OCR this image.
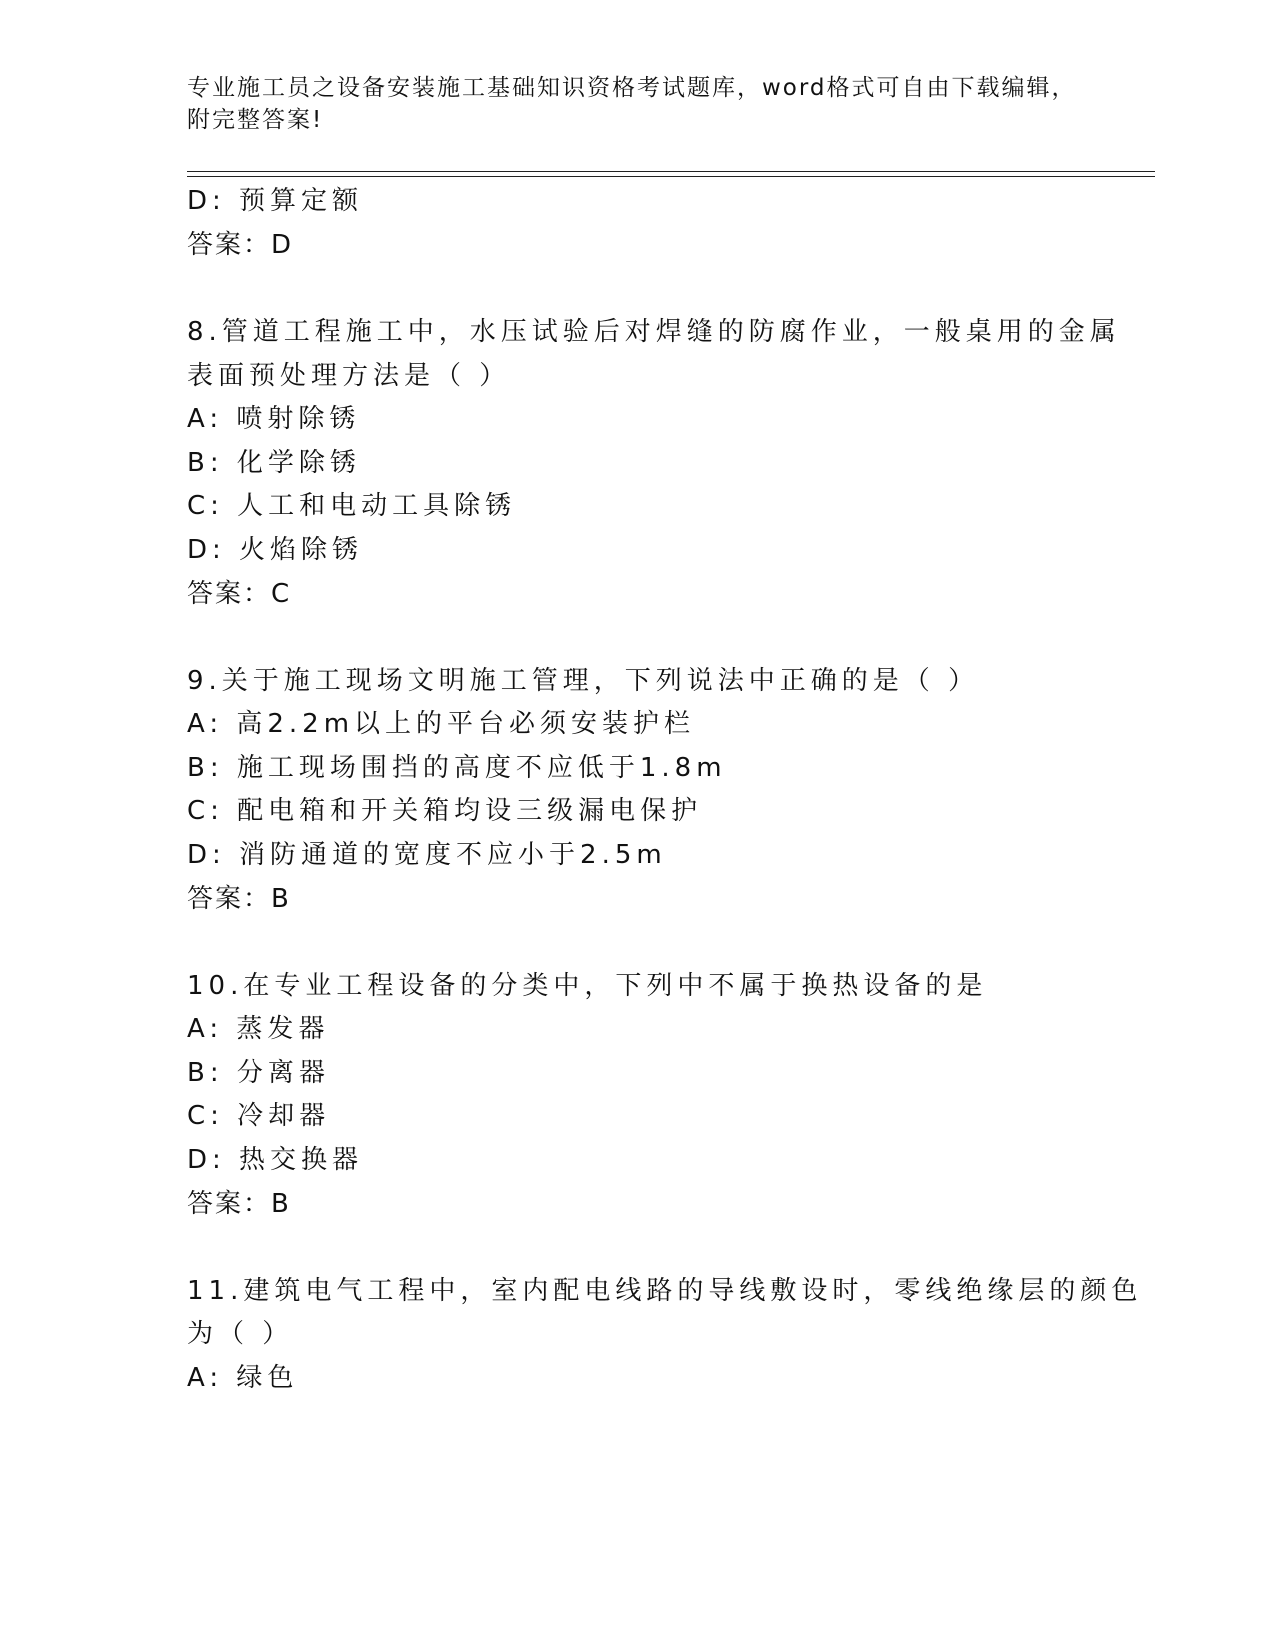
专业施工员之设备安装施工基础知识资格考试题库，word格式可自由下载编辑，
附完整答案!
D: 预算定额
答案：D
8.管道工程施工中，水压试验后对焊缝的防腐作业，一般桌用的金属
表面预处理方法是（ ）
A: 喷射除锈
B: 化学除锈
C: 人工和电动工具除锈
D: 火焰除锈
答案：C
9.关于施工现场文明施工管理，下列说法中正确的是（ ）
A: 高2.2m以上的平台必须安装护栏
B: 施工现场围挡的高度不应低于1.8m
C: 配电箱和开关箱均设三级漏电保护
D: 消防通道的宽度不应小于2.5m
答案：B
10.在专业工程设备的分类中，下列中不属于换热设备的是
A: 蒸发器
B: 分离器
C: 冷却器
D: 热交换器
答案：B
11.建筑电气工程中，室内配电线路的导线敷设时，零线绝缘层的颜色
为（ ）
A: 绿色
